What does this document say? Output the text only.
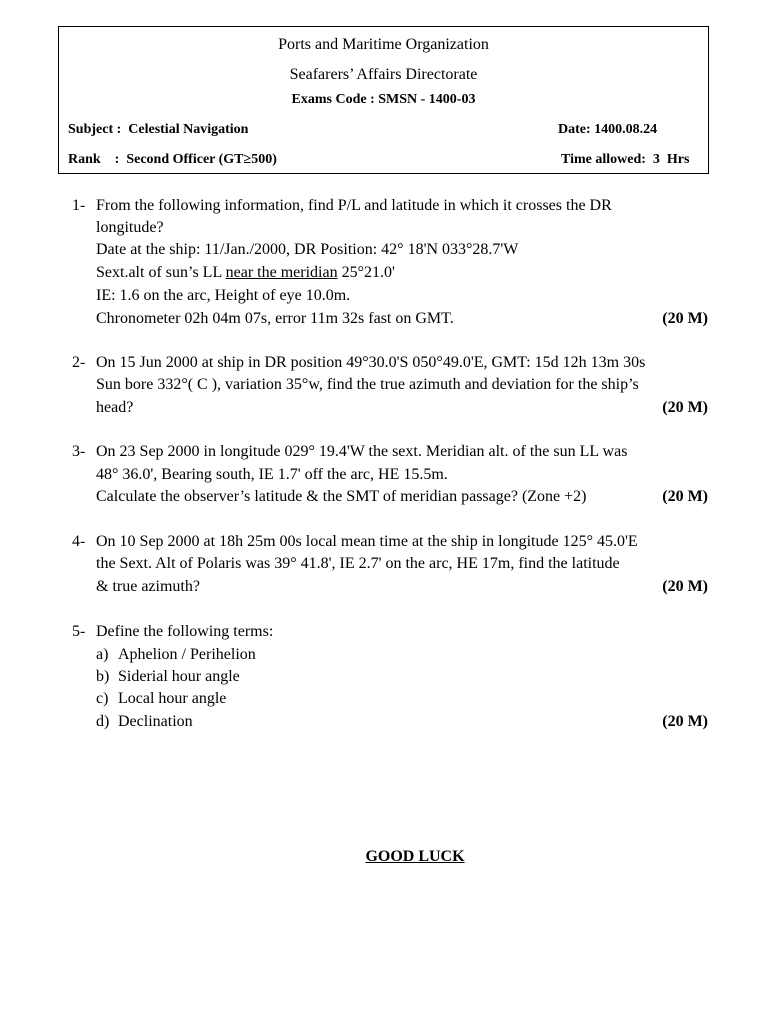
Ports and Maritime Organization
Seafarers’ Affairs Directorate
Exams Code : SMSN - 1400-03
Subject :  Celestial Navigation	Date: 1400.08.24
Rank    :  Second Officer (GT≥500)	Time allowed:  3  Hrs
1- From the following information, find P/L and latitude in which it crosses the DR
longitude?
Date at the ship: 11/Jan./2000, DR Position: 42° 18'N 033°28.7'W
Sext.alt of sun’s LL near the meridian 25°21.0'
IE: 1.6 on the arc, Height of eye 10.0m.
Chronometer 02h 04m 07s, error 11m 32s fast on GMT.	(20 M)
2- On 15 Jun 2000 at ship in DR position 49°30.0'S 050°49.0'E, GMT: 15d 12h 13m 30s
Sun bore 332°( C ), variation 35°w, find the true azimuth and deviation for the ship’s
head?	(20 M)
3- On 23 Sep 2000 in longitude 029° 19.4'W the sext. Meridian alt. of the sun LL was
48° 36.0', Bearing south, IE 1.7' off the arc, HE 15.5m.
Calculate the observer’s latitude & the SMT of meridian passage? (Zone +2)	(20 M)
4- On 10 Sep 2000 at 18h 25m 00s local mean time at the ship in longitude 125° 45.0'E
the Sext. Alt of Polaris was 39° 41.8', IE 2.7' on the arc, HE 17m, find the latitude
& true azimuth?	(20 M)
5- Define the following terms:
a) Aphelion / Perihelion
b) Siderial hour angle
c) Local hour angle
d) Declination	(20 M)
GOOD LUCK
